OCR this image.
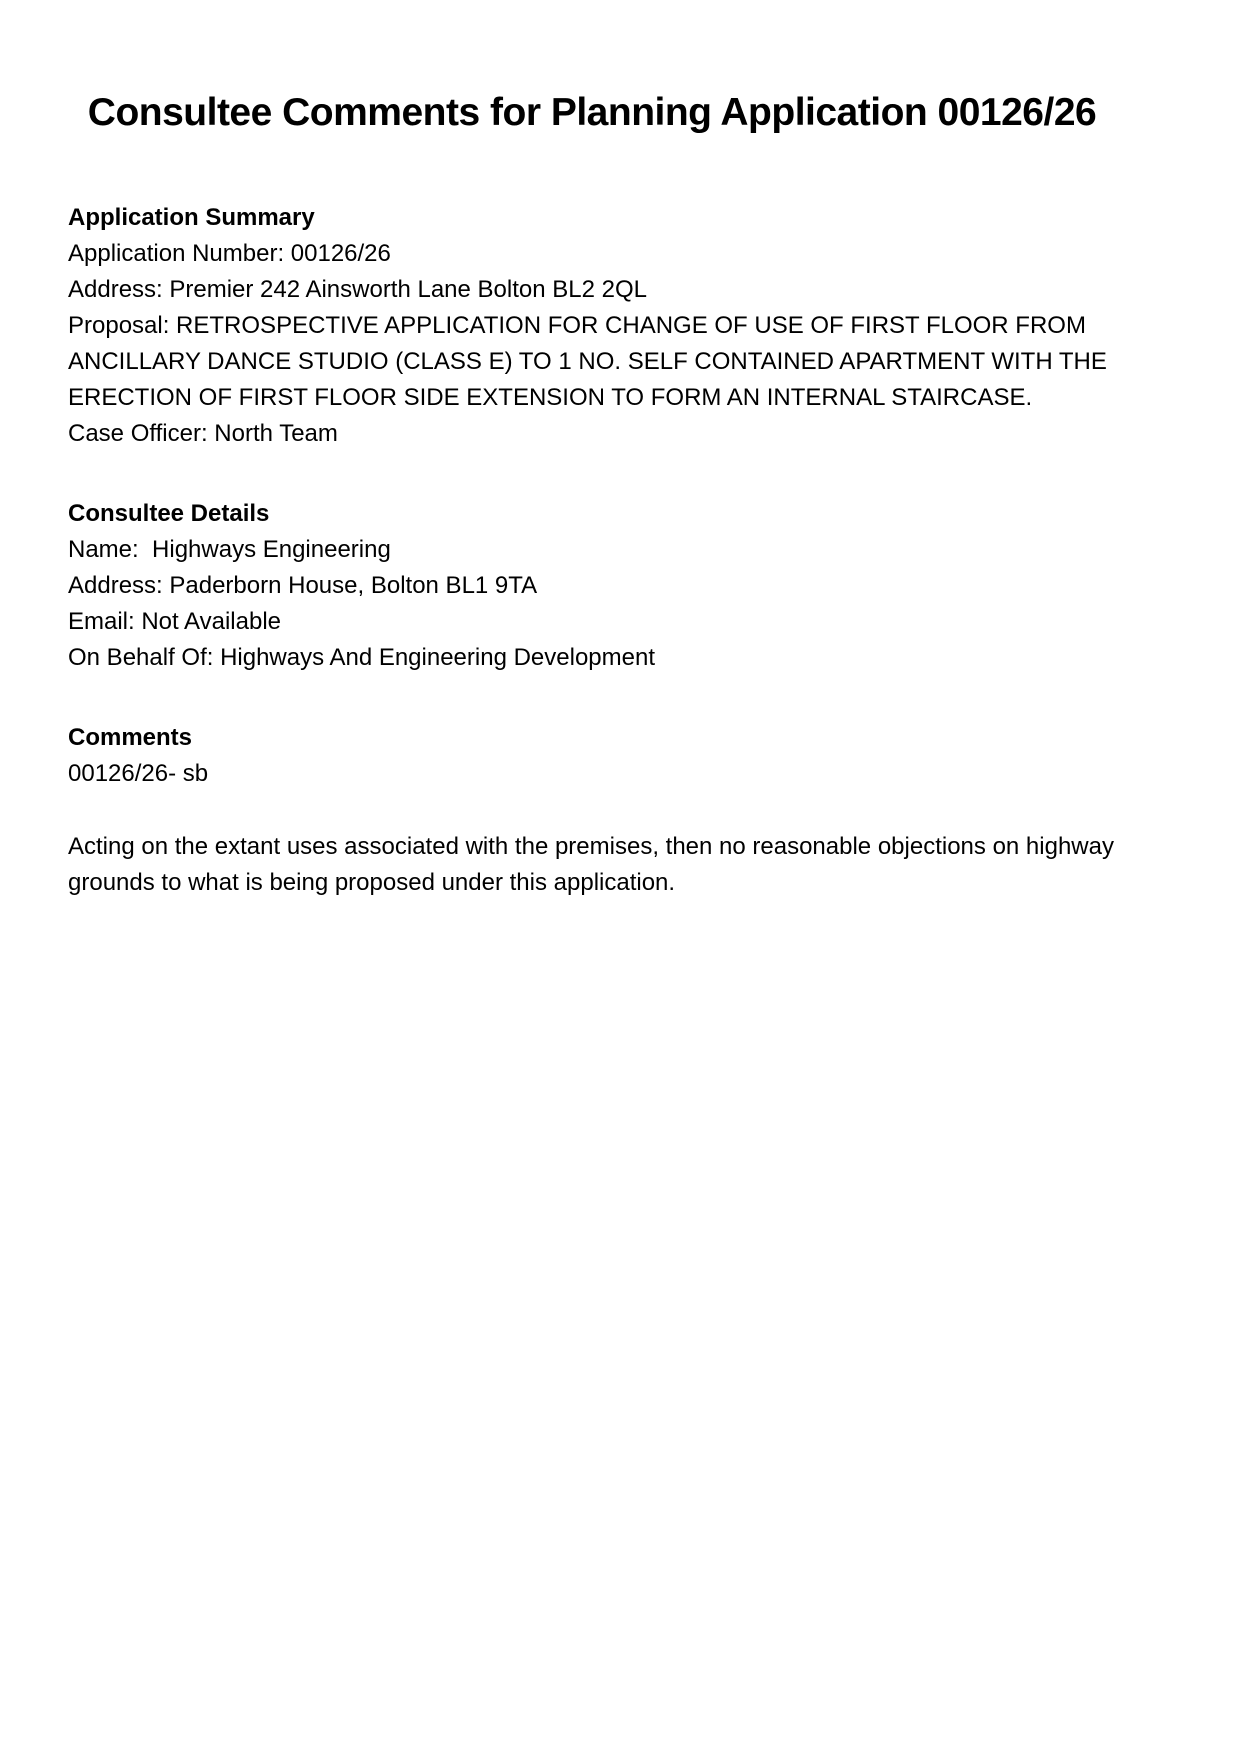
Consultee Comments for Planning Application 00126/26
Application Summary
Application Number: 00126/26
Address: Premier 242 Ainsworth Lane Bolton BL2 2QL
Proposal: RETROSPECTIVE APPLICATION FOR CHANGE OF USE OF FIRST FLOOR FROM ANCILLARY DANCE STUDIO (CLASS E) TO 1 NO. SELF CONTAINED APARTMENT WITH THE ERECTION OF FIRST FLOOR SIDE EXTENSION TO FORM AN INTERNAL STAIRCASE.
Case Officer: North Team
Consultee Details
Name:  Highways Engineering
Address: Paderborn House, Bolton BL1 9TA
Email: Not Available
On Behalf Of: Highways And Engineering Development
Comments
00126/26- sb
Acting on the extant uses associated with the premises, then no reasonable objections on highway grounds to what is being proposed under this application.
